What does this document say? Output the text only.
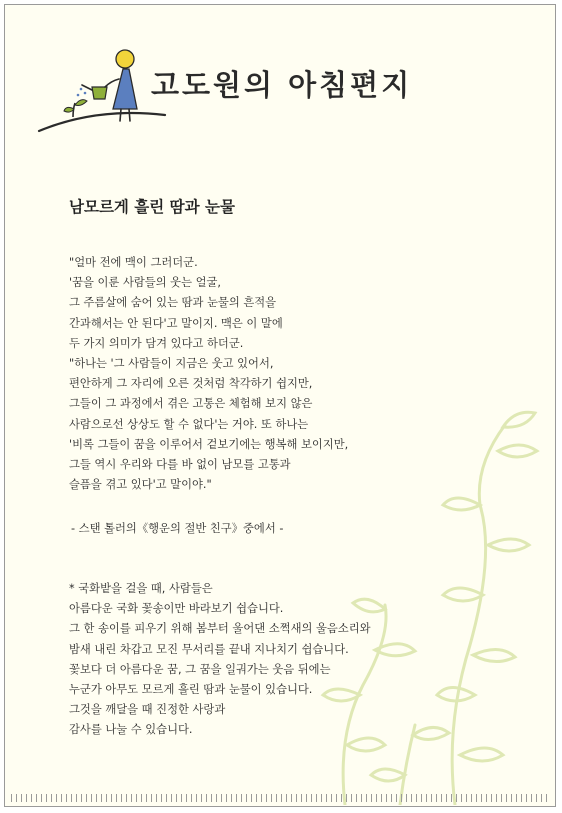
고도원의 아침편지
남모르게 흘린 땀과 눈물
"얼마 전에 맥이 그러더군.
'꿈을 이룬 사람들의 웃는 얼굴,
그 주름살에 숨어 있는 땀과 눈물의 흔적을
간과해서는 안 된다'고 말이지. 맥은 이 말에
두 가지 의미가 담겨 있다고 하더군.
"하나는 '그 사람들이 지금은 웃고 있어서,
편안하게 그 자리에 오른 것처럼 착각하기 쉽지만,
그들이 그 과정에서 겪은 고통은 체험해 보지 않은
사람으로선 상상도 할 수 없다'는 거야. 또 하나는
'비록 그들이 꿈을 이루어서 겉보기에는 행복해 보이지만,
그들 역시 우리와 다를 바 없이 남모를 고통과
슬픔을 겪고 있다'고 말이야."
- 스탠 톨러의《행운의 절반 친구》중에서 -
* 국화밭을 걸을 때, 사람들은
아름다운 국화 꽃송이만 바라보기 쉽습니다.
그 한 송이를 피우기 위해 봄부터 울어댄 소쩍새의 울음소리와
밤새 내린 차갑고 모진 무서리를 끝내 지나치기 쉽습니다.
꽃보다 더 아름다운 꿈, 그 꿈을 일궈가는 웃음 뒤에는
누군가 아무도 모르게 흘린 땀과 눈물이 있습니다.
그것을 깨달을 때 진정한 사랑과
감사를 나눌 수 있습니다.
